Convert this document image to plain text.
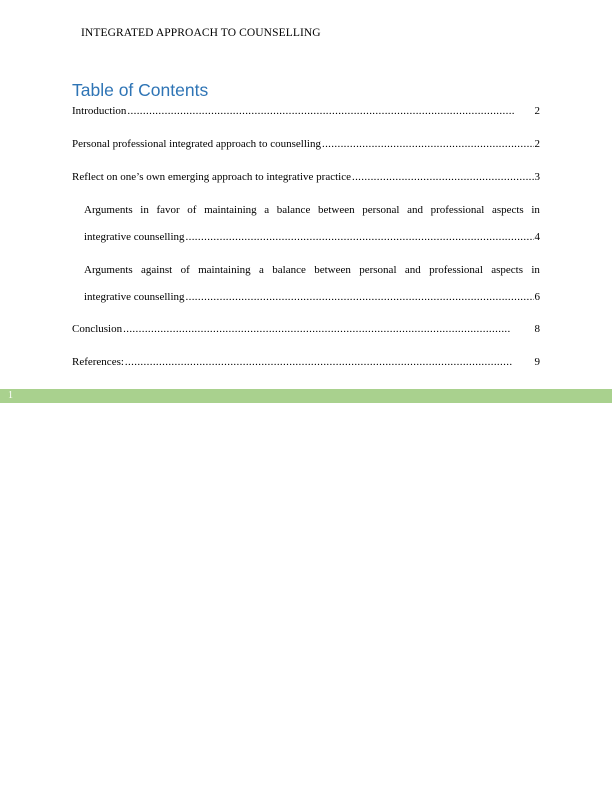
INTEGRATED APPROACH TO COUNSELLING
Table of Contents
Introduction . . .	2
Personal professional integrated approach to counselling . . .	2
Reflect on one’s own emerging approach to integrative practice . . .	3
Arguments in favor of maintaining a balance between personal and professional aspects in
integrative counselling . . .	4
Arguments against of maintaining a balance between personal and professional aspects in
integrative counselling . . .	6
Conclusion . . .	8
References: . . .	9
1
